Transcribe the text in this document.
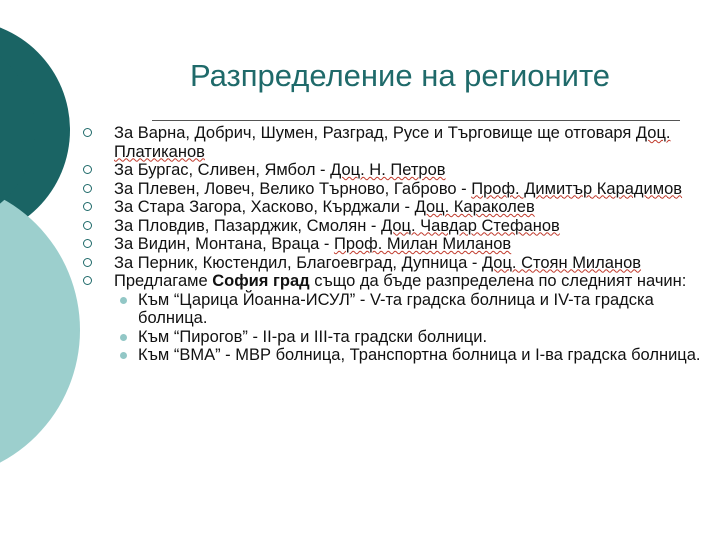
Разпределение на регионите

За Варна, Добрич, Шумен, Разград, Русе и Търговище ще отговаря Доц. Платиканов

За Бургас, Сливен, Ямбол - Доц. Н. Петров

За Плевен, Ловеч, Велико Търново, Габрово - Проф. Димитър Карадимов

За Стара Загора, Хасково, Кърджали - Доц. Караколев

За Пловдив, Пазарджик, Смолян - Доц. Чавдар Стефанов

За Видин, Монтана, Враца - Проф. Милан Миланов

За Перник, Кюстендил, Благоевград, Дупница - Доц. Стоян Миланов

Предлагаме София град също да бъде разпределена по следният начин:

Към “Царица Йоанна-ИСУЛ” - V-та градска болница и IV-та градска болница.

Към “Пирогов” - II-ра и III-та градски болници.

Към “ВМА” - МВР болница, Транспортна болница и I-ва градска болница.
